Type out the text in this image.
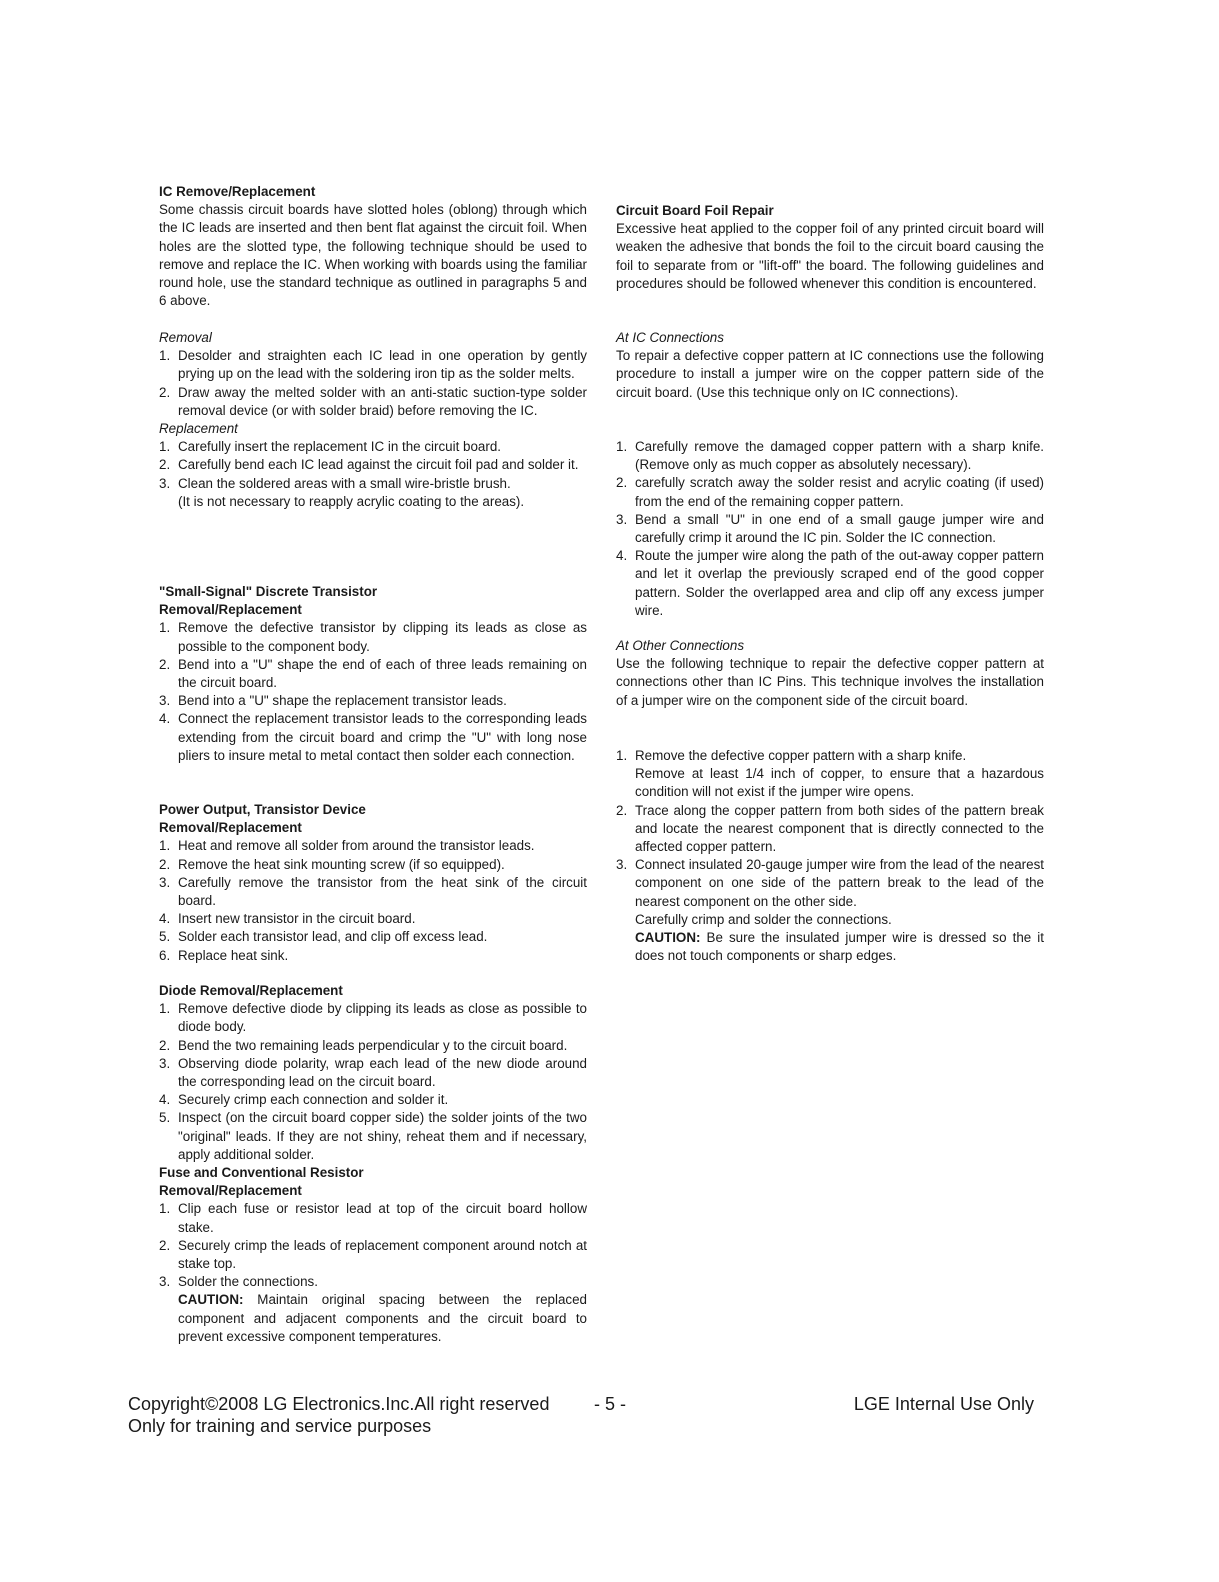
IC Remove/Replacement

Some chassis circuit boards have slotted holes (oblong) through which the IC leads are inserted and then bent flat against the circuit foil. When holes are the slotted type, the following technique should be used to remove and replace the IC. When working with boards using the familiar round hole, use the standard technique as outlined in paragraphs 5 and 6 above.

Removal

1. Desolder and straighten each IC lead in one operation by gently prying up on the lead with the soldering iron tip as the solder melts.
2. Draw away the melted solder with an anti-static suction-type solder removal device (or with solder braid) before removing the IC.

Replacement

1. Carefully insert the replacement IC in the circuit board.
2. Carefully bend each IC lead against the circuit foil pad and solder it.
3. Clean the soldered areas with a small wire-bristle brush.
(It is not necessary to reapply acrylic coating to the areas).

"Small-Signal" Discrete Transistor

Removal/Replacement

1. Remove the defective transistor by clipping its leads as close as possible to the component body.
2. Bend into a "U" shape the end of each of three leads remaining on the circuit board.
3. Bend into a "U" shape the replacement transistor leads.
4. Connect the replacement transistor leads to the corresponding leads extending from the circuit board and crimp the "U" with long nose pliers to insure metal to metal contact then solder each connection.

Power Output, Transistor Device

Removal/Replacement

1. Heat and remove all solder from around the transistor leads.
2. Remove the heat sink mounting screw (if so equipped).
3. Carefully remove the transistor from the heat sink of the circuit board.
4. Insert new transistor in the circuit board.
5. Solder each transistor lead, and clip off excess lead.
6. Replace heat sink.

Diode Removal/Replacement

1. Remove defective diode by clipping its leads as close as possible to diode body.
2. Bend the two remaining leads perpendicular y to the circuit board.
3. Observing diode polarity, wrap each lead of the new diode around the corresponding lead on the circuit board.
4. Securely crimp each connection and solder it.
5. Inspect (on the circuit board copper side) the solder joints of the two "original" leads. If they are not shiny, reheat them and if necessary, apply additional solder.

Fuse and Conventional Resistor

Removal/Replacement

1. Clip each fuse or resistor lead at top of the circuit board hollow stake.
2. Securely crimp the leads of replacement component around notch at stake top.
3. Solder the connections.
CAUTION: Maintain original spacing between the replaced component and adjacent components and the circuit board to prevent excessive component temperatures.

Circuit Board Foil Repair

Excessive heat applied to the copper foil of any printed circuit board will weaken the adhesive that bonds the foil to the circuit board causing the foil to separate from or "lift-off" the board. The following guidelines and procedures should be followed whenever this condition is encountered.

At IC Connections

To repair a defective copper pattern at IC connections use the following procedure to install a jumper wire on the copper pattern side of the circuit board. (Use this technique only on IC connections).

1. Carefully remove the damaged copper pattern with a sharp knife. (Remove only as much copper as absolutely necessary).
2. carefully scratch away the solder resist and acrylic coating (if used) from the end of the remaining copper pattern.
3. Bend a small "U" in one end of a small gauge jumper wire and carefully crimp it around the IC pin. Solder the IC connection.
4. Route the jumper wire along the path of the out-away copper pattern and let it overlap the previously scraped end of the good copper pattern. Solder the overlapped area and clip off any excess jumper wire.

At Other Connections

Use the following technique to repair the defective copper pattern at connections other than IC Pins. This technique involves the installation of a jumper wire on the component side of the circuit board.

1. Remove the defective copper pattern with a sharp knife.
Remove at least 1/4 inch of copper, to ensure that a hazardous condition will not exist if the jumper wire opens.
2. Trace along the copper pattern from both sides of the pattern break and locate the nearest component that is directly connected to the affected copper pattern.
3. Connect insulated 20-gauge jumper wire from the lead of the nearest component on one side of the pattern break to the lead of the nearest component on the other side.
Carefully crimp and solder the connections.
CAUTION: Be sure the insulated jumper wire is dressed so the it does not touch components or sharp edges.
Copyright©2008 LG Electronics.Inc.All right reserved
Only for training and service purposes
- 5 -	LGE Internal Use Only
